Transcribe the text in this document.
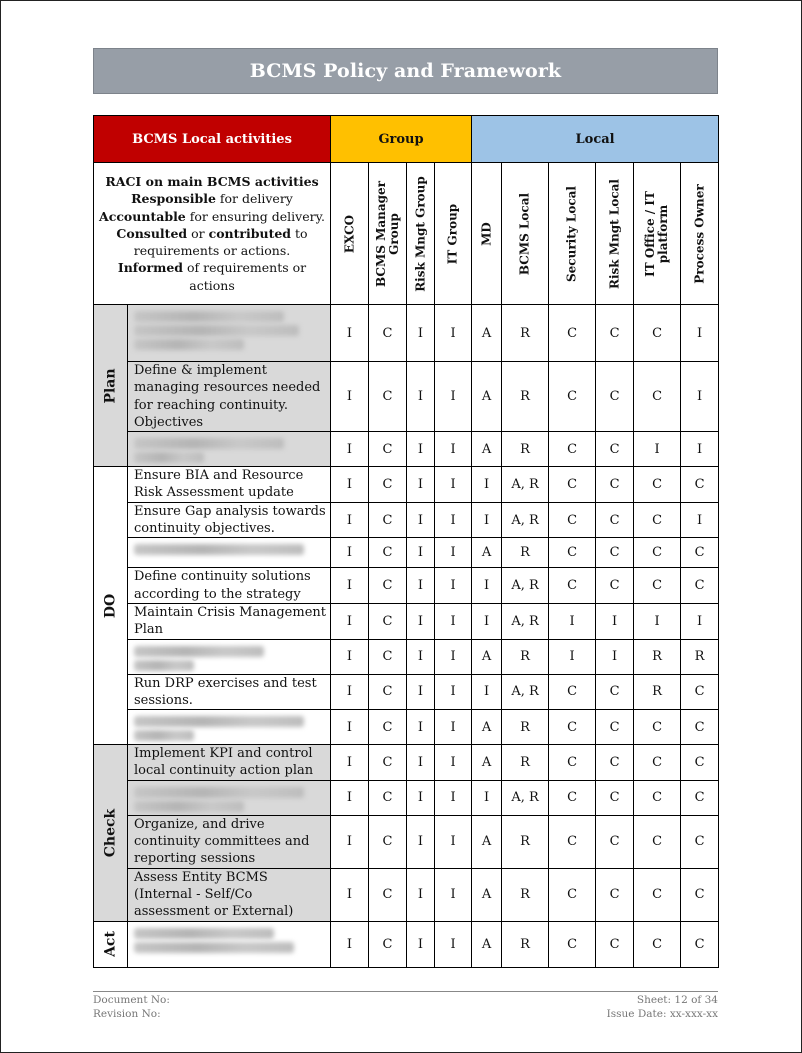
BCMS Policy and Framework
BCMS Local activities		Group				Local					

RACI on main BCMS activities
Responsible for delivery
Accountable for ensuring delivery.
Consulted or contributed to requirements or actions.
Informed of requirements or actions

EXCO	BCMS Manager Group	Risk Mngt Group	IT Group	MD	BCMS Local	Security Local	Risk Mngt Local	IT Office / IT platform	Process Owner

Plan		I	C	I	I	A	R	C	C	C	I
	Define & implement managing resources needed for reaching continuity. Objectives	I	C	I	I	A	R	C	C	C	I

		I	C	I	I	A	R	C	C	I	I

DO	Ensure BIA and Resource Risk Assessment update	I	C	I	I	I	A, R	C	C	C	C
	Ensure Gap analysis towards continuity objectives.	I	C	I	I	I	A, R	C	C	C	I

		I	C	I	I	A	R	C	C	C	C
	Define continuity solutions according to the strategy	I	C	I	I	I	A, R	C	C	C	C
	Maintain Crisis Management Plan	I	C	I	I	I	A, R	I	I	I	I

		I	C	I	I	A	R	I	I	R	R
	Run DRP exercises and test sessions.	I	C	I	I	I	A, R	C	C	R	C

		I	C	I	I	A	R	C	C	C	C

Check	Implement KPI and control local continuity action plan	I	C	I	I	A	R	C	C	C	C

		I	C	I	I	I	A, R	C	C	C	C
	Organize, and drive continuity committees and reporting sessions	I	C	I	I	A	R	C	C	C	C
	Assess Entity BCMS (Internal - Self/Co assessment or External)	I	C	I	I	A	R	C	C	C	C

Act		I	C	I	I	A	R	C	C	C	C
Document No:	Sheet: 12 of 34
Revision No:	Issue Date: xx-xxx-xx
